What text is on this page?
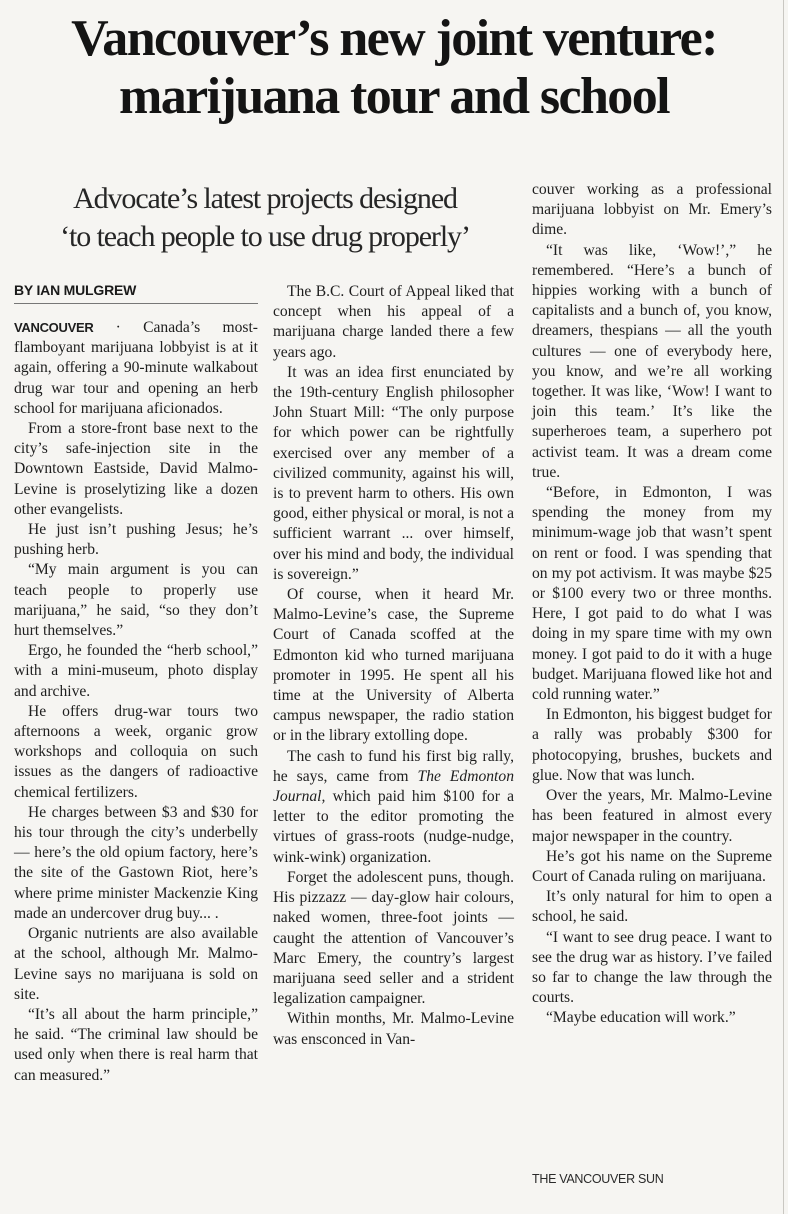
Vancouver’s new joint venture:
marijuana tour and school
Advocate’s latest projects designed
‘to teach people to use drug properly’
BY IAN MULGREW

VANCOUVER · Canada’s most-flamboyant marijuana lobbyist is at it again, offering a 90-minute walkabout drug war tour and opening an herb school for marijuana aficionados.

From a store-front base next to the city’s safe-injection site in the Downtown Eastside, David Malmo-Levine is proselytizing like a dozen other evangelists.

He just isn’t pushing Jesus; he’s pushing herb.

“My main argument is you can teach people to properly use marijuana,” he said, “so they don’t hurt themselves.”

Ergo, he founded the “herb school,” with a mini-museum, photo display and archive.

He offers drug-war tours two afternoons a week, organic grow workshops and colloquia on such issues as the dangers of radioactive chemical fertilizers.

He charges between $3 and $30 for his tour through the city’s underbelly — here’s the old opium factory, here’s the site of the Gastown Riot, here’s where prime minister Mackenzie King made an undercover drug buy... .

Organic nutrients are also available at the school, although Mr. Malmo-Levine says no marijuana is sold on site.

“It’s all about the harm principle,” he said. “The criminal law should be used only when there is real harm that can measured.”

The B.C. Court of Appeal liked that concept when his appeal of a marijuana charge landed there a few years ago.

It was an idea first enunciated by the 19th-century English philosopher John Stuart Mill: “The only purpose for which power can be rightfully exercised over any member of a civilized community, against his will, is to prevent harm to others. His own good, either physical or moral, is not a sufficient warrant ... over himself, over his mind and body, the individual is sovereign.”

Of course, when it heard Mr. Malmo-Levine’s case, the Supreme Court of Canada scoffed at the Edmonton kid who turned marijuana promoter in 1995. He spent all his time at the University of Alberta campus newspaper, the radio station or in the library extolling dope.

The cash to fund his first big rally, he says, came from The Edmonton Journal, which paid him $100 for a letter to the editor promoting the virtues of grass-roots (nudge-nudge, wink-wink) organization.

Forget the adolescent puns, though. His pizzazz — day-glow hair colours, naked women, three-foot joints — caught the attention of Vancouver’s Marc Emery, the country’s largest marijuana seed seller and a strident legalization campaigner.

Within months, Mr. Malmo-Levine was ensconced in Van-

couver working as a professional marijuana lobbyist on Mr. Emery’s dime.

“It was like, ‘Wow!’,” he remembered. “Here’s a bunch of hippies working with a bunch of capitalists and a bunch of, you know, dreamers, thespians — all the youth cultures — one of everybody here, you know, and we’re all working together. It was like, ‘Wow! I want to join this team.’ It’s like the superheroes team, a superhero pot activist team. It was a dream come true.

“Before, in Edmonton, I was spending the money from my minimum-wage job that wasn’t spent on rent or food. I was spending that on my pot activism. It was maybe $25 or $100 every two or three months. Here, I got paid to do what I was doing in my spare time with my own money. I got paid to do it with a huge budget. Marijuana flowed like hot and cold running water.”

In Edmonton, his biggest budget for a rally was probably $300 for photocopying, brushes, buckets and glue. Now that was lunch.

Over the years, Mr. Malmo-Levine has been featured in almost every major newspaper in the country.

He’s got his name on the Supreme Court of Canada ruling on marijuana.

It’s only natural for him to open a school, he said.

“I want to see drug peace. I want to see the drug war as history. I’ve failed so far to change the law through the courts.

“Maybe education will work.”

THE VANCOUVER SUN
